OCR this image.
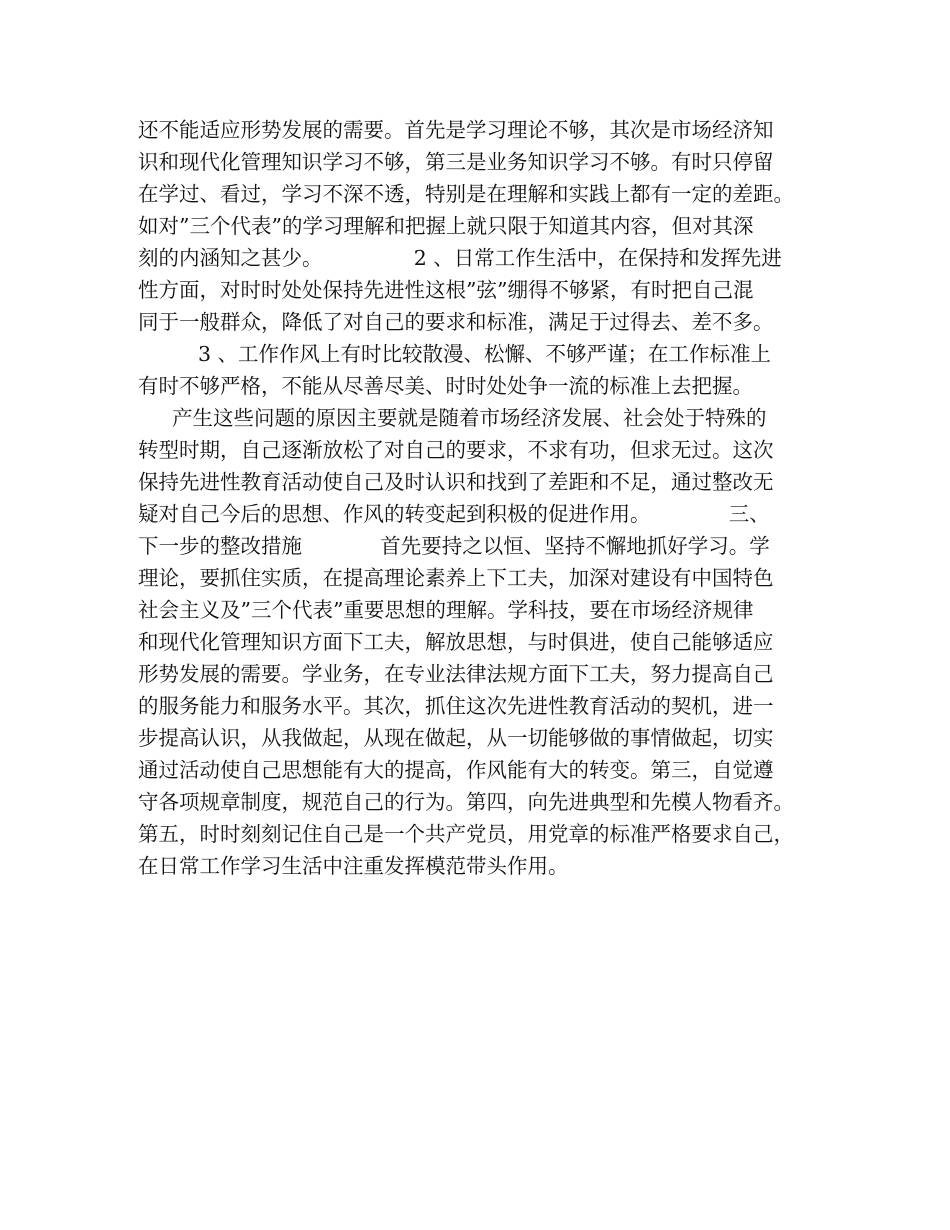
还不能适应形势发展的需要。首先是学习理论不够，其次是市场经济知
识和现代化管理知识学习不够，第三是业务知识学习不够。有时只停留
在学过、看过，学习不深不透，特别是在理解和实践上都有一定的差距。
如对”三个代表”的学习理解和把握上就只限于知道其内容，但对其深
刻的内涵知之甚少。              2 、日常工作生活中，在保持和发挥先进
性方面，对时时处处保持先进性这根”弦”绷得不够紧，有时把自己混
同于一般群众，降低了对自己的要求和标准，满足于过得去、差不多。
3 、工作作风上有时比较散漫、松懈、不够严谨；在工作标准上
有时不够严格，不能从尽善尽美、时时处处争一流的标准上去把握。
产生这些问题的原因主要就是随着市场经济发展、社会处于特殊的
转型时期，自己逐渐放松了对自己的要求，不求有功，但求无过。这次
保持先进性教育活动使自己及时认识和找到了差距和不足，通过整改无
疑对自己今后的思想、作风的转变起到积极的促进作用。            三、
下一步的整改措施            首先要持之以恒、坚持不懈地抓好学习。学
理论，要抓住实质，在提高理论素养上下工夫，加深对建设有中国特色
社会主义及”三个代表”重要思想的理解。学科技，要在市场经济规律
和现代化管理知识方面下工夫，解放思想，与时俱进，使自己能够适应
形势发展的需要。学业务，在专业法律法规方面下工夫，努力提高自己
的服务能力和服务水平。其次，抓住这次先进性教育活动的契机，进一
步提高认识，从我做起，从现在做起，从一切能够做的事情做起，切实
通过活动使自己思想能有大的提高，作风能有大的转变。第三，自觉遵
守各项规章制度，规范自己的行为。第四，向先进典型和先模人物看齐。
第五，时时刻刻记住自己是一个共产党员，用党章的标准严格要求自己，
在日常工作学习生活中注重发挥模范带头作用。
